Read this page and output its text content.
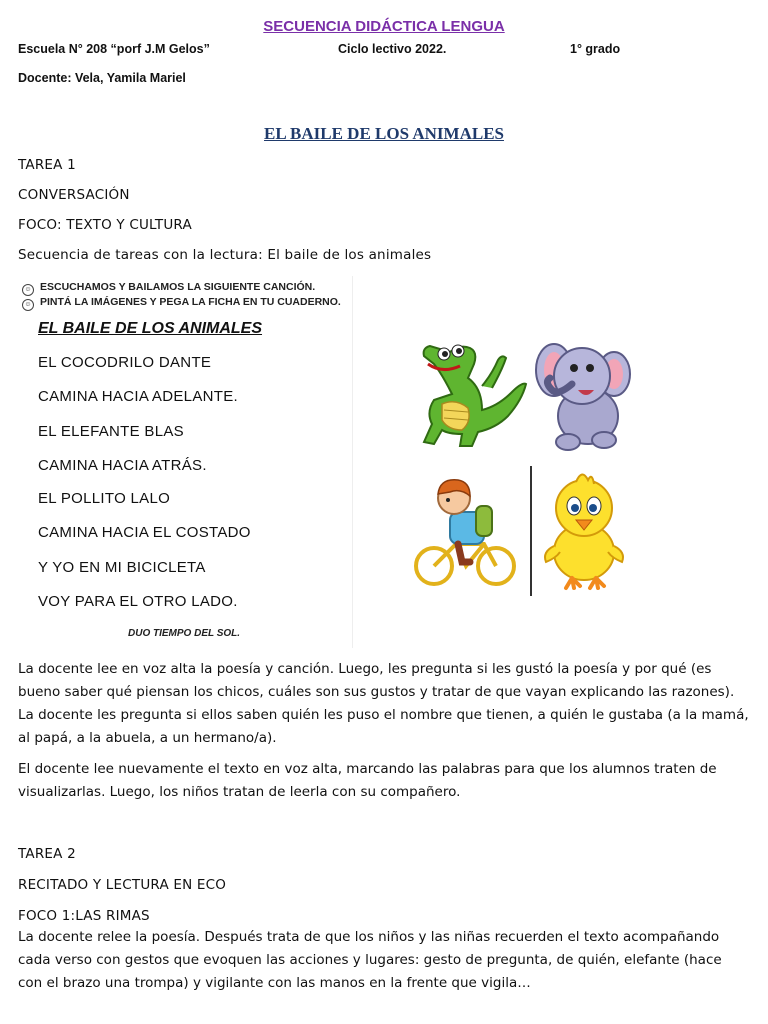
SECUENCIA DIDÁCTICA LENGUA
Escuela N° 208 “porf J.M Gelos”	Ciclo lectivo 2022.	1° grado
Docente: Vela, Yamila Mariel
EL BAILE DE LOS ANIMALES
TAREA 1
CONVERSACIÓN
FOCO: TEXTO Y CULTURA
Secuencia de tareas con la lectura: El baile de los animales
☺ ESCUCHAMOS Y BAILAMOS LA SIGUIENTE CANCIÓN.
☺ PINTÁ LA IMÁGENES Y PEGA LA FICHA EN TU CUADERNO.
EL BAILE DE LOS ANIMALES
EL COCODRILO DANTE
CAMINA HACIA ADELANTE.
EL ELEFANTE BLAS
CAMINA HACIA ATRÁS.
EL POLLITO LALO
CAMINA HACIA EL COSTADO
Y YO EN MI BICICLETA
VOY PARA EL OTRO LADO.
DUO TIEMPO DEL SOL.
La docente lee en voz alta la poesía y canción. Luego, les pregunta si les gustó la poesía y por qué (es bueno saber qué piensan los chicos, cuáles son sus gustos y tratar de que vayan explicando las razones). La docente les pregunta si ellos saben quién les puso el nombre que tienen, a quién le gustaba (a la mamá, al papá, a la abuela, a un hermano/a).
El docente lee nuevamente el texto en voz alta, marcando las palabras para que los alumnos traten de visualizarlas. Luego, los niños tratan de leerla con su compañero.
TAREA 2
RECITADO Y LECTURA EN ECO
FOCO 1:LAS RIMAS
La docente relee la poesía. Después trata de que los niños y las niñas recuerden el texto acompañando cada verso con gestos que evoquen las acciones y lugares: gesto de pregunta, de quién, elefante (hace con el brazo una trompa) y vigilante con las manos en la frente que vigila…
